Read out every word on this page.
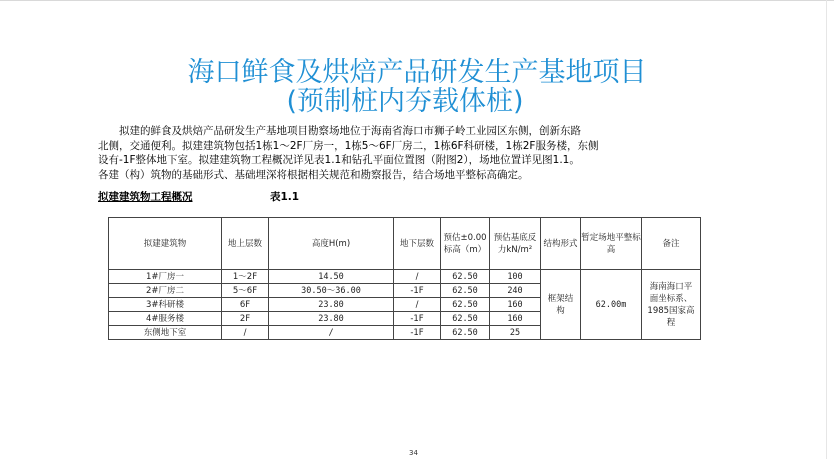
海口鲜食及烘焙产品研发生产基地项目
(预制桩内夯载体桩)

拟建的鲜食及烘焙产品研发生产基地项目勘察场地位于海南省海口市狮子岭工业园区东侧，创新东路

北侧，交通便利。拟建建筑物包括1栋1～2F厂房一，1栋5～6F厂房二，1栋6F科研楼，1栋2F服务楼，东侧

设有-1F整体地下室。拟建建筑物工程概况详见表1.1和钻孔平面位置图（附图2），场地位置详见图1.1。

各建（构）筑物的基础形式、基础埋深将根据相关规范和勘察报告，结合场地平整标高确定。

拟建建筑物工程概况	表1.1
拟建建筑物	地上层数	高度H(m)	地下层数	预估±0.00标高（m）	预估基底反力kN/m²	结构形式	暂定场地平整标高	备注
1#厂房一	1～2F	14.50	/	62.50	100	框架结构	62.00m	海南海口平面坐标系、1985国家高程
2#厂房二	5～6F	30.50～36.00	-1F	62.50	240			
3#科研楼	6F	23.80	/	62.50	160			
4#服务楼	2F	23.80	-1F	62.50	160			
东侧地下室	/	/	-1F	62.50	25			
34
